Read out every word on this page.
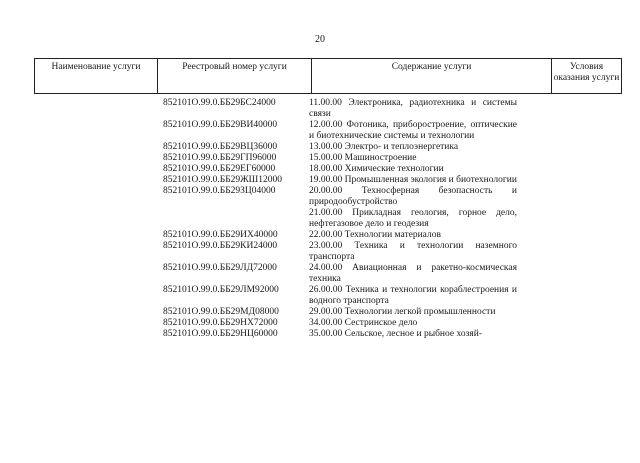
20
Наименование услуги	Реестровый номер услуги	Содержание услуги	Условия оказания услуги
852101О.99.0.ББ29БС24000	11.00.00 Электроника, радиотехника и системы связи
852101О.99.0.ББ29ВИ40000	12.00.00 Фотоника, приборостроение, оптические и биотехнические системы и технологии
852101О.99.0.ББ29ВЦ36000	13.00.00 Электро- и теплоэнергетика
852101О.99.0.ББ29ГП96000	15.00.00 Машиностроение
852101О.99.0.ББ29ЕГ60000	18.00.00 Химические технологии
852101О.99.0.ББ29ЖШ12000	19.00.00 Промышленная экология и биотехнологии
852101О.99.0.ББ29ЗЦ04000	20.00.00 Техносферная безопасность и природообустройство
21.00.00 Прикладная геология, горное дело, нефтегазовое дело и геодезия
852101О.99.0.ББ29ИХ40000	22.00.00 Технологии материалов
852101О.99.0.ББ29КИ24000	23.00.00 Техника и технологии наземного транспорта
852101О.99.0.ББ29ЛД72000	24.00.00 Авиационная и ракетно-космическая техника
852101О.99.0.ББ29ЛМ92000	26.00.00 Техника и технологии кораблестроения и водного транспорта
852101О.99.0.ББ29МД08000	29.00.00 Технологии легкой промышленности
852101О.99.0.ББ29НХ72000	34.00.00 Сестринское дело
852101О.99.0.ББ29НЦ60000	35.00.00 Сельское, лесное и рыбное хозяй-
